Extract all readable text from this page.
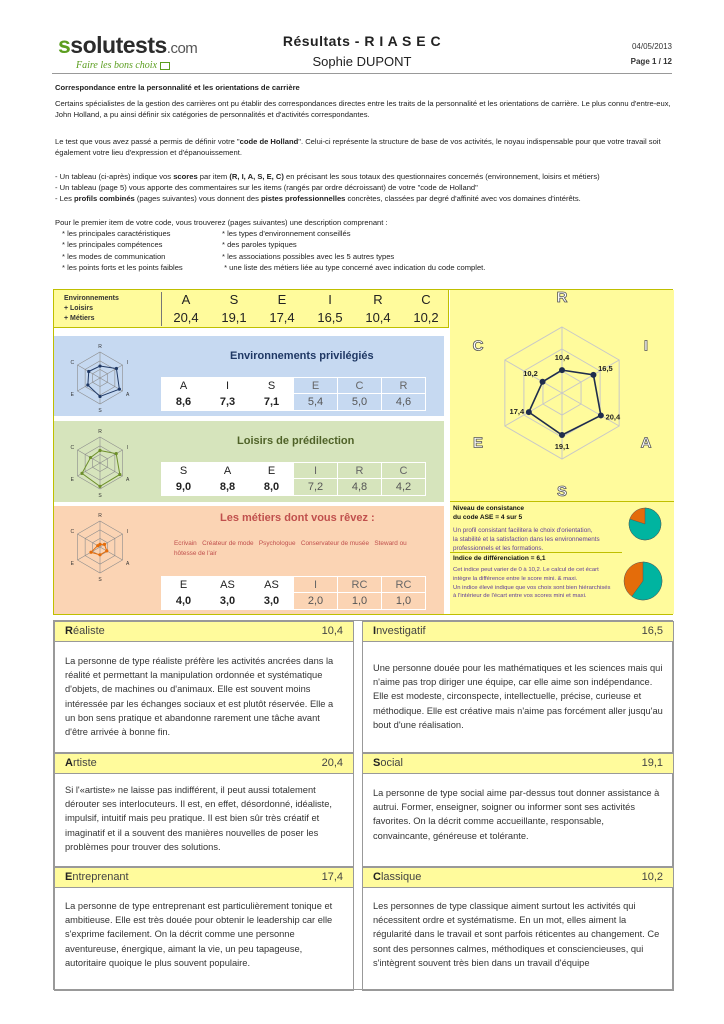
ssolutests.com
Faire les bons choix
Résultats - R I A S E C
Sophie DUPONT
04/05/2013
Page 1 / 12
Correspondance entre la personnalité et les orientations de carrière
Certains spécialistes de la gestion des carrières ont pu établir des correspondances directes entre les traits de la personnalité et les orientations de carrière. Le plus connu d'entre-eux, John Holland, a pu ainsi définir six catégories de personnalités et d'activités correspondantes.
Le test que vous avez passé a permis de définir votre "code de Holland". Celui-ci représente la structure de base de vos activités, le noyau indispensable pour que votre travail soit également votre lieu d'expression et d'épanouissement.
- Un tableau (ci-après) indique vos scores par item (R, I, A, S, E, C) en précisant les sous totaux des questionnaires concernés (environnement, loisirs et métiers)
- Un tableau (page 5) vous apporte des commentaires sur les items (rangés par ordre décroissant) de votre "code de Holland"
- Les profils combinés (pages suivantes) vous donnent des pistes professionnelles concrètes, classées par degré d'affinité avec vos domaines d'intérêts.
Pour le premier item de votre code, vous trouverez (pages suivantes) une description comprenant :
* les principales caractéristiques	* les types d'environnement conseillés
* les principales compétences	* des paroles typiques
* les modes de communication	* les associations possibles avec les 5 autres types
* les points forts et les points faibles	* une liste des métiers liée au type concerné avec indication du code complet.
Environnements
+ Loisirs
+ Métiers
A	S	E	I	R	C
20,4	19,1	17,4	16,5	10,4	10,2
R
I
A
S
E
C
Environnements privilégiés
A	I	S	E	C	R
8,6	7,3	7,1	5,4	5,0	4,6
R
I
A
S
E
C
Loisirs de prédilection
S	A	E	I	R	C
9,0	8,8	8,0	7,2	4,8	4,2
R
I
A
S
E
C
Les métiers dont vous rêvez :
Ecrivain Créateur de mode Psychologue Conservateur de musée Steward ou
hôtesse de l'air
E	AS	AS	I	RC	RC
4,0	3,0	3,0	2,0	1,0	1,0
10,4
16,5
20,4
19,1
17,4
10,2
R
I
A
S
E
C
Niveau de consistance
du code ASE = 4 sur 5
Un profil consistant facilitera le choix d'orientation,
la stabilité et la satisfaction dans les environnements
professionnels et les formations.
Indice de différenciation = 6,1
Cet indice peut varier de 0 à 10,2. Le calcul de cet écart
intègre la différence entre le score mini. & maxi.
Un indice élevé indique que vos choix sont bien hiérarchisés
à l'intérieur de l'écart entre vos scores mini et maxi.
Réaliste	10,4
La personne de type réaliste préfère les activités ancrées dans la réalité et permettant la manipulation ordonnée et systématique d'objets, de machines ou d'animaux. Elle est souvent moins intéressée par les échanges sociaux et est plutôt réservée. Elle a un bon sens pratique et abandonne rarement une tâche avant d'être arrivée à bonne fin.
Investigatif	16,5
Une personne douée pour les mathématiques et les sciences mais qui n'aime pas trop diriger une équipe, car elle aime son indépendance. Elle est modeste, circonspecte, intellectuelle, précise, curieuse et méthodique. Elle est créative mais n'aime pas forcément aller jusqu'au bout d'une réalisation.
Artiste	20,4
Si l'«artiste» ne laisse pas indifférent, il peut aussi totalement dérouter ses interlocuteurs. Il est, en effet, désordonné, idéaliste, impulsif, intuitif mais peu pratique. Il est bien sûr très créatif et imaginatif et il a souvent des manières nouvelles de poser les problèmes pour trouver des solutions.
Social	19,1
La personne de type social aime par-dessus tout donner assistance à autrui. Former, enseigner, soigner ou informer sont ses activités favorites. On la décrit comme accueillante, responsable, convaincante, généreuse et tolérante.
Entreprenant	17,4
La personne de type entreprenant est particulièrement tonique et ambitieuse. Elle est très douée pour obtenir le leadership car elle s'exprime facilement. On la décrit comme une personne aventureuse, énergique, aimant la vie, un peu tapageuse, autoritaire quoique le plus souvent populaire.
Classique	10,2
Les personnes de type classique aiment surtout les activités qui nécessitent ordre et systématisme. En un mot, elles aiment la régularité dans le travail et sont parfois réticentes au changement. Ce sont des personnes calmes, méthodiques et consciencieuses, qui s'intègrent souvent très bien dans un travail d'équipe
